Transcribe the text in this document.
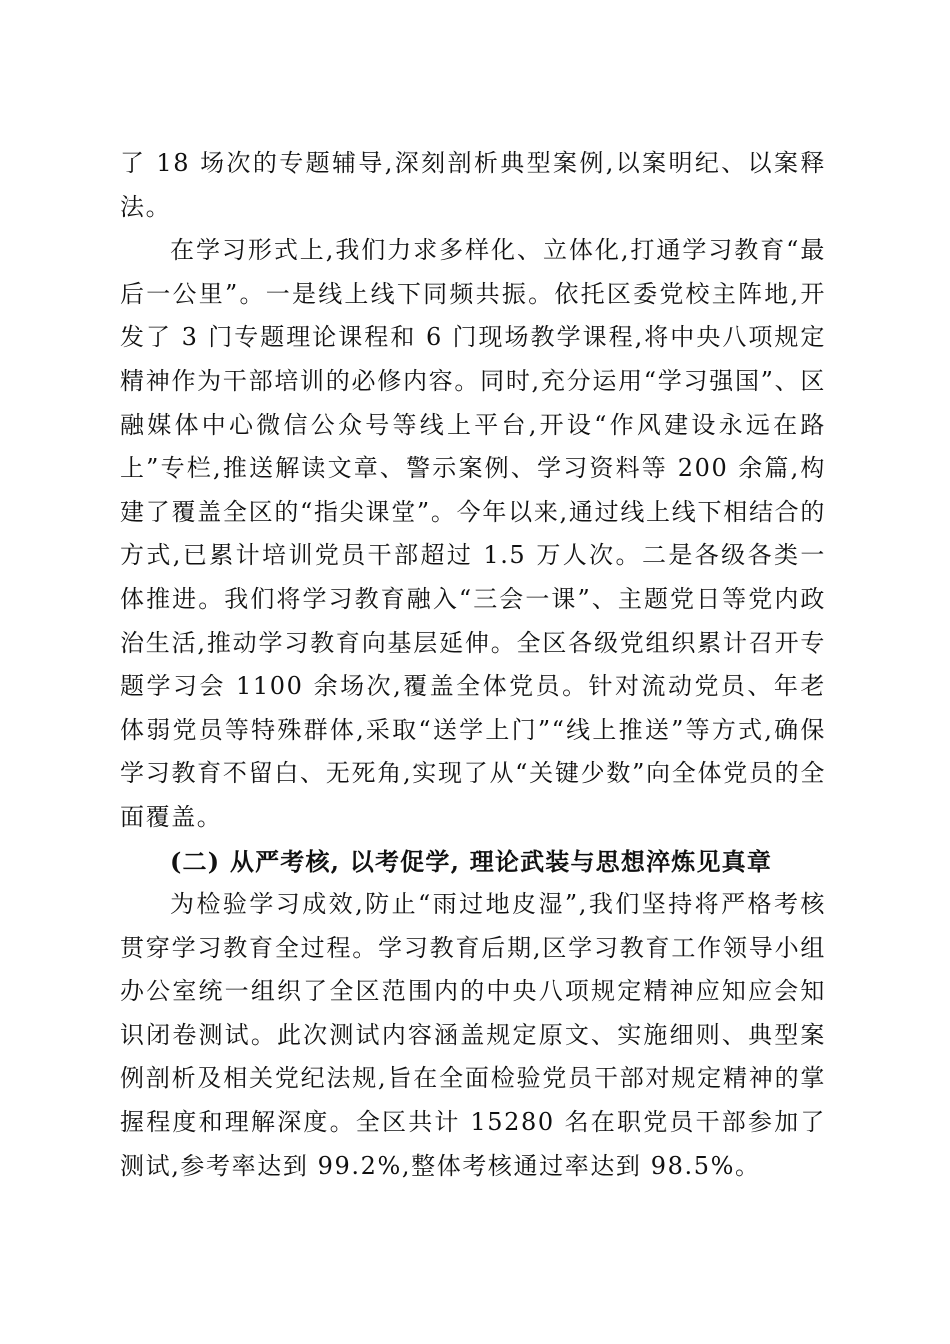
了 18 场次的专题辅导,深刻剖析典型案例,以案明纪、以案释法。

在学习形式上,我们力求多样化、立体化,打通学习教育“最后一公里”。一是线上线下同频共振。依托区委党校主阵地,开发了 3 门专题理论课程和 6 门现场教学课程,将中央八项规定精神作为干部培训的必修内容。同时,充分运用“学习强国”、区融媒体中心微信公众号等线上平台,开设“作风建设永远在路上”专栏,推送解读文章、警示案例、学习资料等 200 余篇,构建了覆盖全区的“指尖课堂”。今年以来,通过线上线下相结合的方式,已累计培训党员干部超过 1.5 万人次。二是各级各类一体推进。我们将学习教育融入“三会一课”、主题党日等党内政治生活,推动学习教育向基层延伸。全区各级党组织累计召开专题学习会 1100 余场次,覆盖全体党员。针对流动党员、年老体弱党员等特殊群体,采取“送学上门”“线上推送”等方式,确保学习教育不留白、无死角,实现了从“关键少数”向全体党员的全面覆盖。

(二) 从严考核, 以考促学, 理论武装与思想淬炼见真章

为检验学习成效,防止“雨过地皮湿”,我们坚持将严格考核贯穿学习教育全过程。学习教育后期,区学习教育工作领导小组办公室统一组织了全区范围内的中央八项规定精神应知应会知识闭卷测试。此次测试内容涵盖规定原文、实施细则、典型案例剖析及相关党纪法规,旨在全面检验党员干部对规定精神的掌握程度和理解深度。全区共计 15280 名在职党员干部参加了测试,参考率达到 99.2%,整体考核通过率达到 98.5%。
